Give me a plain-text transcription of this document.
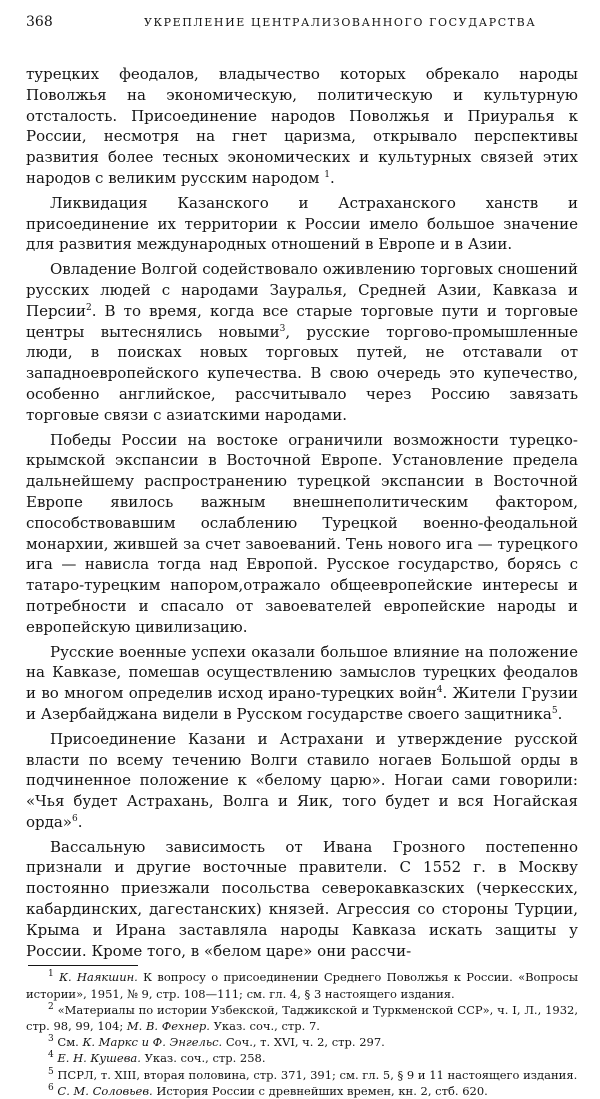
368	УКРЕПЛЕНИЕ ЦЕНТРАЛИЗОВАННОГО ГОСУДАРСТВА

турецких феодалов, владычество которых обрекало народы Поволжья на экономическую, политическую и культурную отсталость. Присоединение народов Поволжья и Приуралья к России, несмотря на гнет царизма, открывало перспективы развития более тесных экономических и культурных связей этих народов с великим русским народом $^1$.

Ликвидация Казанского и Астраханского ханств и присоединение их территории к России имело большое значение для развития международных отношений в Европе и в Азии.

Овладение Волгой содействовало оживлению торговых сношений русских людей с народами Зауралья, Средней Азии, Кавказа и Персии$^2$. В то время, когда все старые торговые пути и торговые центры вытеснялись новыми$^3$, русские торгово-промышленные люди, в поисках новых торговых путей, не отставали от западноевропейского купечества. В свою очередь это купечество, особенно английское, рассчитывало через Россию завязать торговые связи с азиатскими народами.

Победы России на востоке ограничили возможности турецко-крымской экспансии в Восточной Европе. Установление предела дальнейшему распространению турецкой экспансии в Восточной Европе явилось важным внешнеполитическим фактором, способствовавшим ослаблению Турецкой военно-феодальной монархии, жившей за счет завоеваний. Тень нового ига — турецкого ига — нависла тогда над Европой. Русское государство, борясь с татаро-турецким напором,отражало общеевропейские интересы и потребности и спасало от завоевателей европейские народы и европейскую цивилизацию.

Русские военные успехи оказали большое влияние на положение на Кавказе, помешав осуществлению замыслов турецких феодалов и во многом определив исход ирано-турецких войн$^4$. Жители Грузии и Азербайджана видели в Русском государстве своего защитника$^5$.

Присоединение Казани и Астрахани и утверждение русской власти по всему течению Волги ставило ногаев Большой орды в подчиненное положение к «белому царю». Ногаи сами говорили: «Чья будет Астрахань, Волга и Яик, того будет и вся Ногайская орда»$^6$.

Вассальную зависимость от Ивана Грозного постепенно признали и другие восточные правители. С 1552 г. в Москву постоянно приезжали посольства северокавказских (черкесских, кабардинских, дагестанских) князей. Агрессия со стороны Турции, Крыма и Ирана заставляла народы Кавказа искать защиты у России. Кроме того, в «белом царе» они рассчи-

$^1$ К. Наякшин. К вопросу о присоединении Среднего Поволжья к России. «Вопросы истории», 1951, № 9, стр. 108—111; см. гл. 4, § 3 настоящего издания.

$^2$ «Материалы по истории Узбекской, Таджикской и Туркменской ССР», ч. I, Л., 1932, стр. 98, 99, 104; М. В. Фехнер. Указ. соч., стр. 7.

$^3$ См. К. Маркс и Ф. Энгельс. Соч., т. XVI, ч. 2, стр. 297.

$^4$ Е. Н. Кушева. Указ. соч., стр. 258.

$^5$ ПСРЛ, т. XIII, вторая половина, стр. 371, 391; см. гл. 5, § 9 и 11 настоящего издания.

$^6$ С. М. Соловьев. История России с древнейших времен, кн. 2, стб. 620.
